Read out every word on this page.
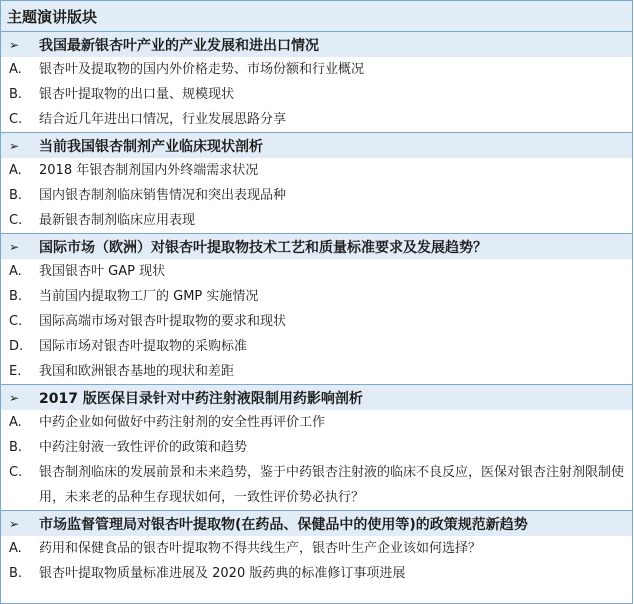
主题演讲版块
➢	我国最新银杏叶产业的产业发展和进出口情况
A.	银杏叶及提取物的国内外价格走势、市场份额和行业概况
B.	银杏叶提取物的出口量、规模现状
C.	结合近几年进出口情况，行业发展思路分享
➢	当前我国银杏制剂产业临床现状剖析
A.	2018 年银杏制剂国内外终端需求状况
B.	国内银杏制剂临床销售情况和突出表现品种
C.	最新银杏制剂临床应用表现
➢	国际市场（欧洲）对银杏叶提取物技术工艺和质量标准要求及发展趋势？
A.	我国银杏叶 GAP 现状
B.	当前国内提取物工厂的 GMP 实施情况
C.	国际高端市场对银杏叶提取物的要求和现状
D.	国际市场对银杏叶提取物的采购标准
E.	我国和欧洲银杏基地的现状和差距
➢	2017 版医保目录针对中药注射液限制用药影响剖析
A.	中药企业如何做好中药注射剂的安全性再评价工作
B.	中药注射液一致性评价的政策和趋势
C.	银杏制剂临床的发展前景和未来趋势，鉴于中药银杏注射液的临床不良反应，医保对银杏注射剂限制使用，未来老的品种生存现状如何，一致性评价势必执行？
➢	市场监督管理局对银杏叶提取物(在药品、保健品中的使用等)的政策规范新趋势
A.	药用和保健食品的银杏叶提取物不得共线生产，银杏叶生产企业该如何选择？
B.	银杏叶提取物质量标准进展及 2020 版药典的标准修订事项进展
